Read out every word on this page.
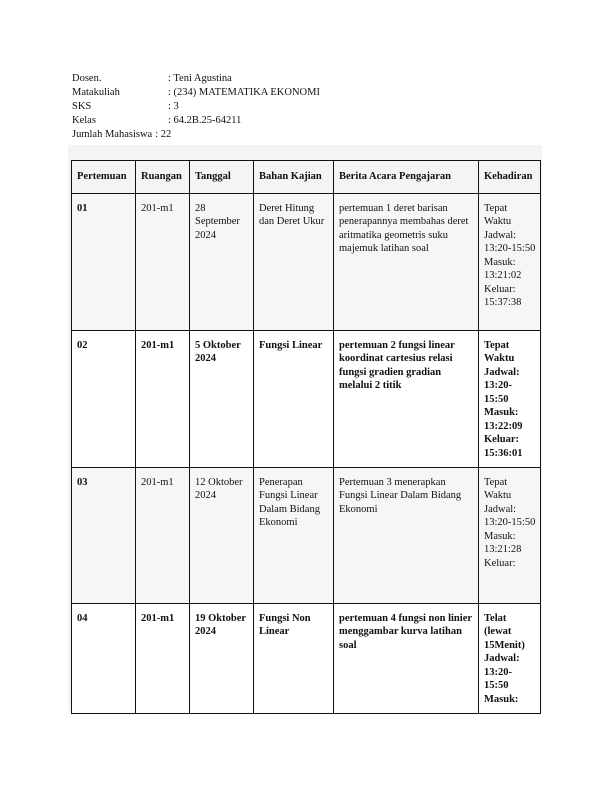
Dosen.	: Teni Agustina
Matakuliah	: (234) MATEMATIKA EKONOMI
SKS	: 3
Kelas	: 64.2B.25-64211
Jumlah Mahasiswa : 22
Pertemuan	Ruangan	Tanggal	Bahan Kajian	Berita Acara Pengajaran	Kehadiran
01	201-m1	28 September 2024	Deret Hitung dan Deret Ukur	pertemuan 1 deret barisan penerapannya membahas deret aritmatika geometris suku majemuk latihan soal	Tepat Waktu
Jadwal: 13:20-15:50
Masuk: 13:21:02
Keluar: 15:37:38

02	201-m1	5 Oktober 2024	Fungsi Linear	pertemuan 2 fungsi linear koordinat cartesius relasi fungsi gradien gradian melalui 2 titik	Tepat Waktu
Jadwal: 13:20-15:50
Masuk: 13:22:09
Keluar: 15:36:01

03	201-m1	12 Oktober 2024	Penerapan Fungsi Linear Dalam Bidang Ekonomi	Pertemuan 3 menerapkan Fungsi Linear Dalam Bidang Ekonomi	Tepat Waktu
Jadwal: 13:20-15:50
Masuk: 13:21:28
Keluar:

04	201-m1	19 Oktober 2024	Fungsi Non Linear	pertemuan 4 fungsi non linier menggambar kurva latihan soal	Telat (lewat 15Menit)
Jadwal: 13:20-15:50
Masuk:
